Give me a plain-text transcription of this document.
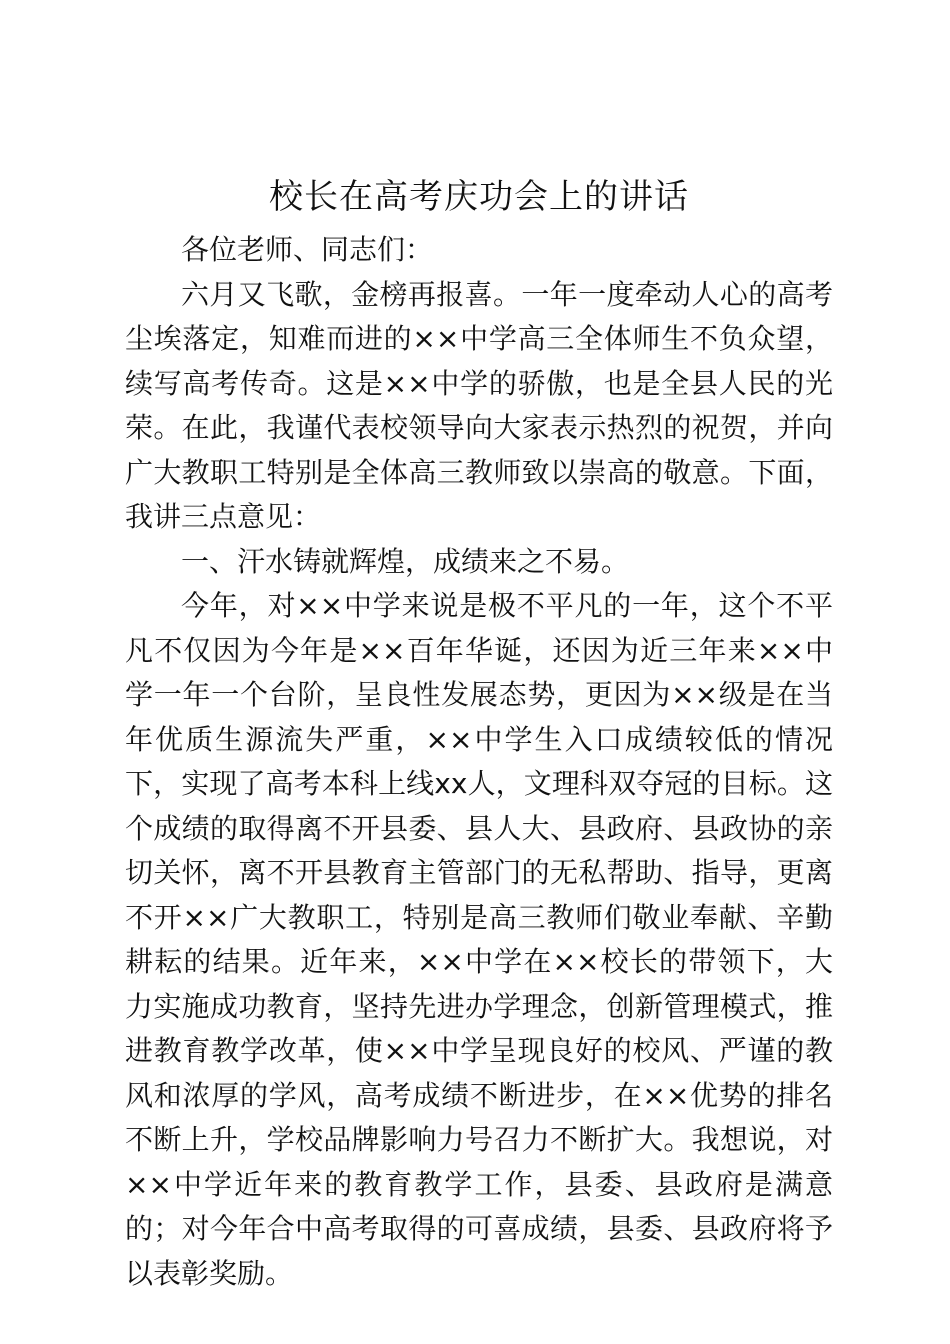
校长在高考庆功会上的讲话

各位老师、同志们：

六月又飞歌，金榜再报喜。一年一度牵动人心的高考尘埃落定，知难而进的××中学高三全体师生不负众望，续写高考传奇。这是××中学的骄傲，也是全县人民的光荣。在此，我谨代表校领导向大家表示热烈的祝贺，并向广大教职工特别是全体高三教师致以崇高的敬意。下面，我讲三点意见：

一、汗水铸就辉煌，成绩来之不易。

今年，对××中学来说是极不平凡的一年，这个不平凡不仅因为今年是××百年华诞，还因为近三年来××中学一年一个台阶，呈良性发展态势，更因为××级是在当年优质生源流失严重，××中学生入口成绩较低的情况下，实现了高考本科上线xx人，文理科双夺冠的目标。这个成绩的取得离不开县委、县人大、县政府、县政协的亲切关怀，离不开县教育主管部门的无私帮助、指导，更离不开××广大教职工，特别是高三教师们敬业奉献、辛勤耕耘的结果。近年来，××中学在××校长的带领下，大力实施成功教育，坚持先进办学理念，创新管理模式，推进教育教学改革，使××中学呈现良好的校风、严谨的教风和浓厚的学风，高考成绩不断进步，在××优势的排名不断上升，学校品牌影响力号召力不断扩大。我想说，对××中学近年来的教育教学工作，县委、县政府是满意的；对今年合中高考取得的可喜成绩，县委、县政府将予以表彰奖励。
